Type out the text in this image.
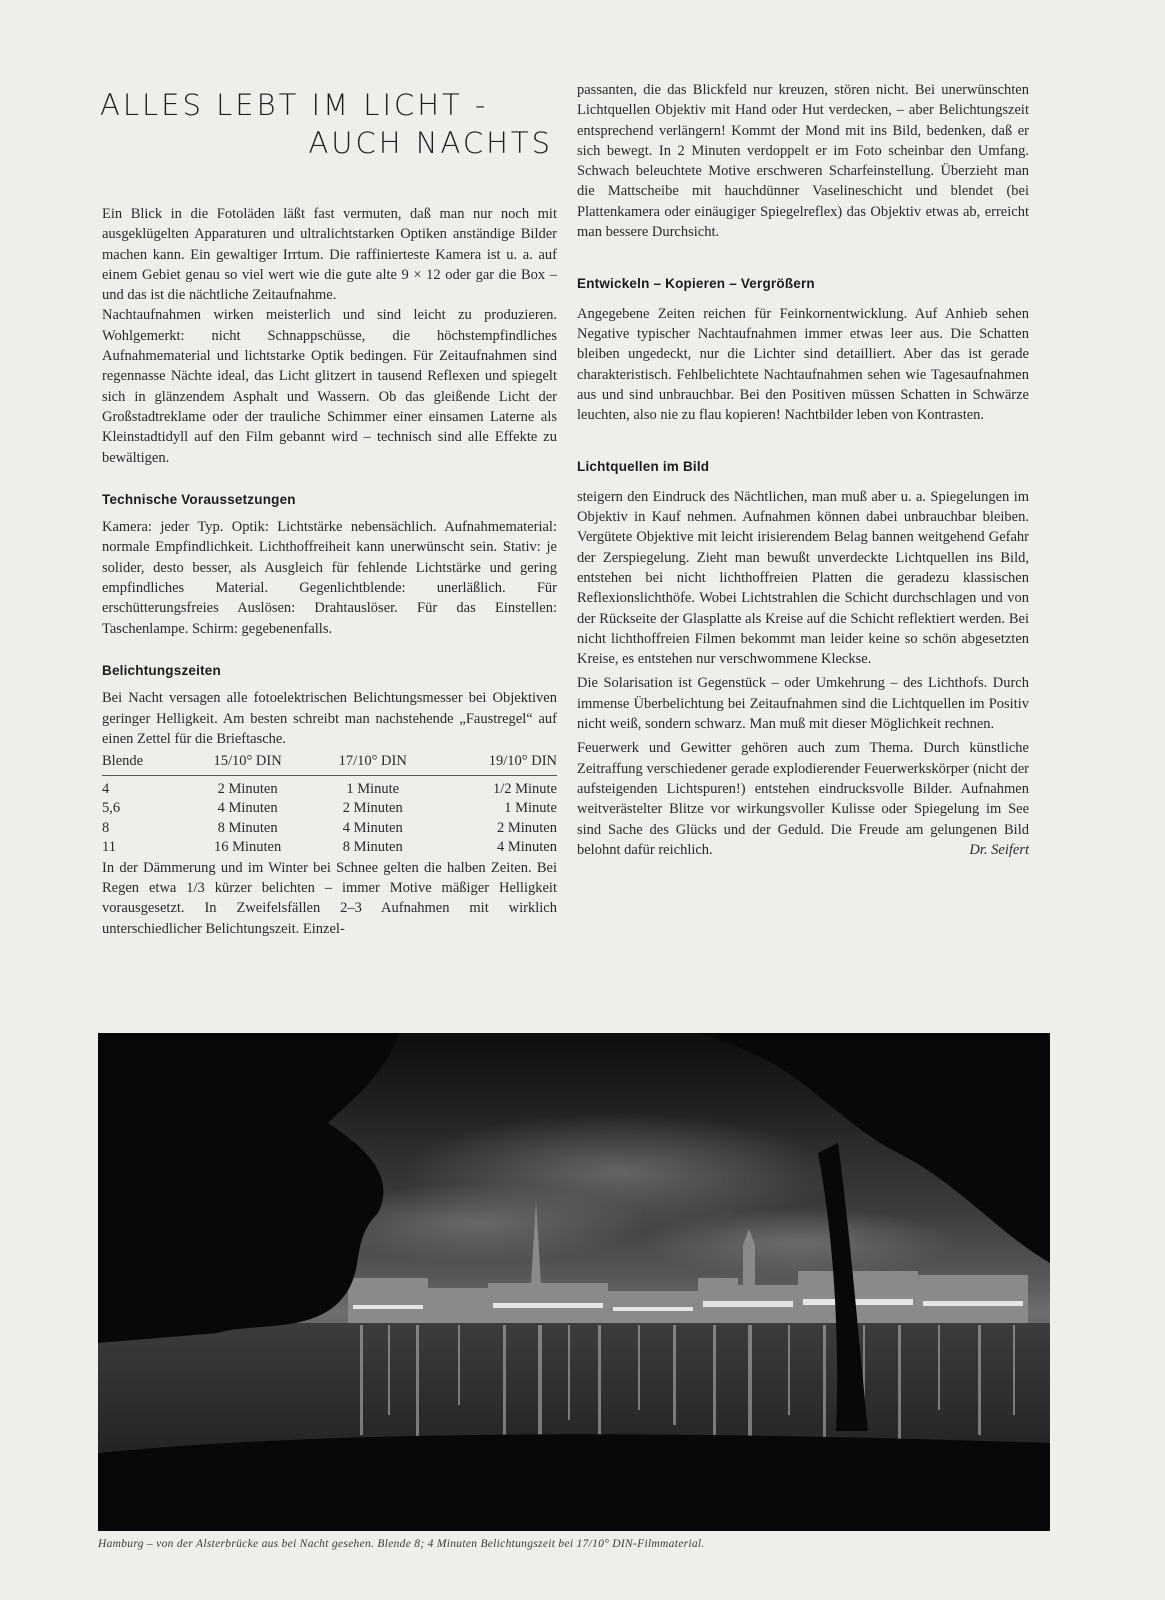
ALLES LEBT IM LICHT -
AUCH NACHTS

Ein Blick in die Fotoläden läßt fast vermuten, daß man nur noch mit ausgeklügelten Apparaturen und ultralichtstarken Optiken anständige Bilder machen kann. Ein gewaltiger Irrtum. Die raffinierteste Kamera ist u. a. auf einem Gebiet genau so viel wert wie die gute alte 9 × 12 oder gar die Box – und das ist die nächtliche Zeitaufnahme.

Nachtaufnahmen wirken meisterlich und sind leicht zu produzieren. Wohlgemerkt: nicht Schnappschüsse, die höchstempfindliches Aufnahmematerial und lichtstarke Optik bedingen. Für Zeitaufnahmen sind regennasse Nächte ideal, das Licht glitzert in tausend Reflexen und spiegelt sich in glänzendem Asphalt und Wassern. Ob das gleißende Licht der Großstadtreklame oder der trauliche Schimmer einer einsamen Laterne als Kleinstadtidyll auf den Film gebannt wird – technisch sind alle Effekte zu bewältigen.

Technische Voraussetzungen

Kamera: jeder Typ. Optik: Lichtstärke nebensächlich. Aufnahmematerial: normale Empfindlichkeit. Lichthoffreiheit kann unerwünscht sein. Stativ: je solider, desto besser, als Ausgleich für fehlende Lichtstärke und gering empfindliches Material. Gegenlichtblende: unerläßlich. Für erschütterungsfreies Auslösen: Drahtauslöser. Für das Einstellen: Taschenlampe. Schirm: gegebenenfalls.

Belichtungszeiten

Bei Nacht versagen alle fotoelektrischen Belichtungsmesser bei Objektiven geringer Helligkeit. Am besten schreibt man nachstehende „Faustregel“ auf einen Zettel für die Brieftasche.

Blende	15/10° DIN	17/10° DIN	19/10° DIN
4	2 Minuten	1 Minute	1/2 Minute
5,6	4 Minuten	2 Minuten	1 Minute
8	8 Minuten	4 Minuten	2 Minuten
11	16 Minuten	8 Minuten	4 Minuten

In der Dämmerung und im Winter bei Schnee gelten die halben Zeiten. Bei Regen etwa 1/3 kürzer belichten – immer Motive mäßiger Helligkeit vorausgesetzt. In Zweifelsfällen 2–3 Aufnahmen mit wirklich unterschiedlicher Belichtungszeit. Einzel-

passanten, die das Blickfeld nur kreuzen, stören nicht. Bei unerwünschten Lichtquellen Objektiv mit Hand oder Hut verdecken, – aber Belichtungszeit entsprechend verlängern! Kommt der Mond mit ins Bild, bedenken, daß er sich bewegt. In 2 Minuten verdoppelt er im Foto scheinbar den Umfang. Schwach beleuchtete Motive erschweren Scharfeinstellung. Überzieht man die Mattscheibe mit hauchdünner Vaselineschicht und blendet (bei Plattenkamera oder einäugiger Spiegelreflex) das Objektiv etwas ab, erreicht man bessere Durchsicht.

Entwickeln – Kopieren – Vergrößern

Angegebene Zeiten reichen für Feinkornentwicklung. Auf Anhieb sehen Negative typischer Nachtaufnahmen immer etwas leer aus. Die Schatten bleiben ungedeckt, nur die Lichter sind detailliert. Aber das ist gerade charakteristisch. Fehlbelichtete Nachtaufnahmen sehen wie Tagesaufnahmen aus und sind unbrauchbar. Bei den Positiven müssen Schatten in Schwärze leuchten, also nie zu flau kopieren! Nachtbilder leben von Kontrasten.

Lichtquellen im Bild

steigern den Eindruck des Nächtlichen, man muß aber u. a. Spiegelungen im Objektiv in Kauf nehmen. Aufnahmen können dabei unbrauchbar bleiben. Vergütete Objektive mit leicht irisierendem Belag bannen weitgehend Gefahr der Zerspiegelung. Zieht man bewußt unverdeckte Lichtquellen ins Bild, entstehen bei nicht lichthoffreien Platten die geradezu klassischen Reflexionslichthöfe. Wobei Lichtstrahlen die Schicht durchschlagen und von der Rückseite der Glasplatte als Kreise auf die Schicht reflektiert werden. Bei nicht lichthoffreien Filmen bekommt man leider keine so schön abgesetzten Kreise, es entstehen nur verschwommene Kleckse.

Die Solarisation ist Gegenstück – oder Umkehrung – des Lichthofs. Durch immense Überbelichtung bei Zeitaufnahmen sind die Lichtquellen im Positiv nicht weiß, sondern schwarz. Man muß mit dieser Möglichkeit rechnen.

Feuerwerk und Gewitter gehören auch zum Thema. Durch künstliche Zeitraffung verschiedener gerade explodierender Feuerwerkskörper (nicht der aufsteigenden Lichtspuren!) entstehen eindrucksvolle Bilder. Aufnahmen weitverästelter Blitze vor wirkungsvoller Kulisse oder Spiegelung im See sind Sache des Glücks und der Geduld. Die Freude am gelungenen Bild belohnt dafür reichlich.	Dr. Seifert

Hamburg – von der Alsterbrücke aus bei Nacht gesehen. Blende 8; 4 Minuten Belichtungszeit bei 17/10° DIN-Filmmaterial.
